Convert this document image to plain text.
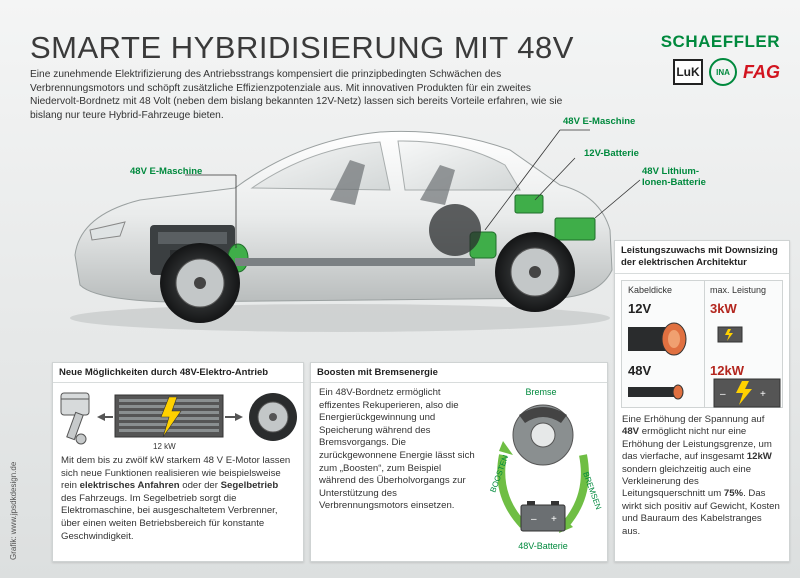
SMARTE HYBRIDISIERUNG MIT 48V
Eine zunehmende Elektrifizierung des Antriebsstrangs kompensiert die prinzipbedingten Schwächen des Verbrennungsmotors und schöpft zusätzliche Effizienzpotenziale aus. Mit innovativen Produkten für ein zweites Niedervolt-Bordnetz mit 48 Volt (neben dem bislang bekannten 12V-Netz) lassen sich bereits Vorteile erfahren, wie sie bislang nur teure Hybrid-Fahrzeuge bieten.
SCHAEFFLER
LuK INA FAG
48V E-Maschine
48V E-Maschine
12V-Batterie
48V Lithium-
Ionen-Batterie
Neue Möglichkeiten durch 48V-Elektro-Antrieb
12 kW
Mit dem bis zu zwölf kW starkem 48 V E-Motor lassen sich neue Funktionen realisieren wie beispielsweise rein elektrisches Anfahren oder der Segelbetrieb des Fahrzeugs. Im Segelbetrieb sorgt die Elektromaschine, bei ausgeschaltetem Verbrenner, über einen weiten Betriebsbereich für konstante Geschwindigkeit.
Boosten mit Bremsenergie
Ein 48V-Bordnetz ermöglicht effizentes Rekuperieren, also die Energierückgewinnung und Speicherung während des Bremsvorgangs. Die zurückgewonnene Energie lässt sich zum „Boosten“, zum Beispiel während des Überholvorgangs zur Unterstützung des Verbrennungsmotors einsetzen.
Bremse
BOOSTEN	BREMSEN
– +
48V-Batterie
Leistungszuwachs mit Downsizing der elektrischen Architektur
Kabeldicke	max. Leistung
12V	3kW
48V	12kW
+
–
Eine Erhöhung der Spannung auf 48V ermöglicht nicht nur eine Erhöhung der Leistungsgrenze, um das vierfache, auf insgesamt 12kW sondern gleichzeitig auch eine Verkleinerung des Leitungsquerschnitt um 75%. Das wirkt sich positiv auf Gewicht, Kosten und Bauraum des Kabelstranges aus.
Grafik: www.jpsdkdesign.de
